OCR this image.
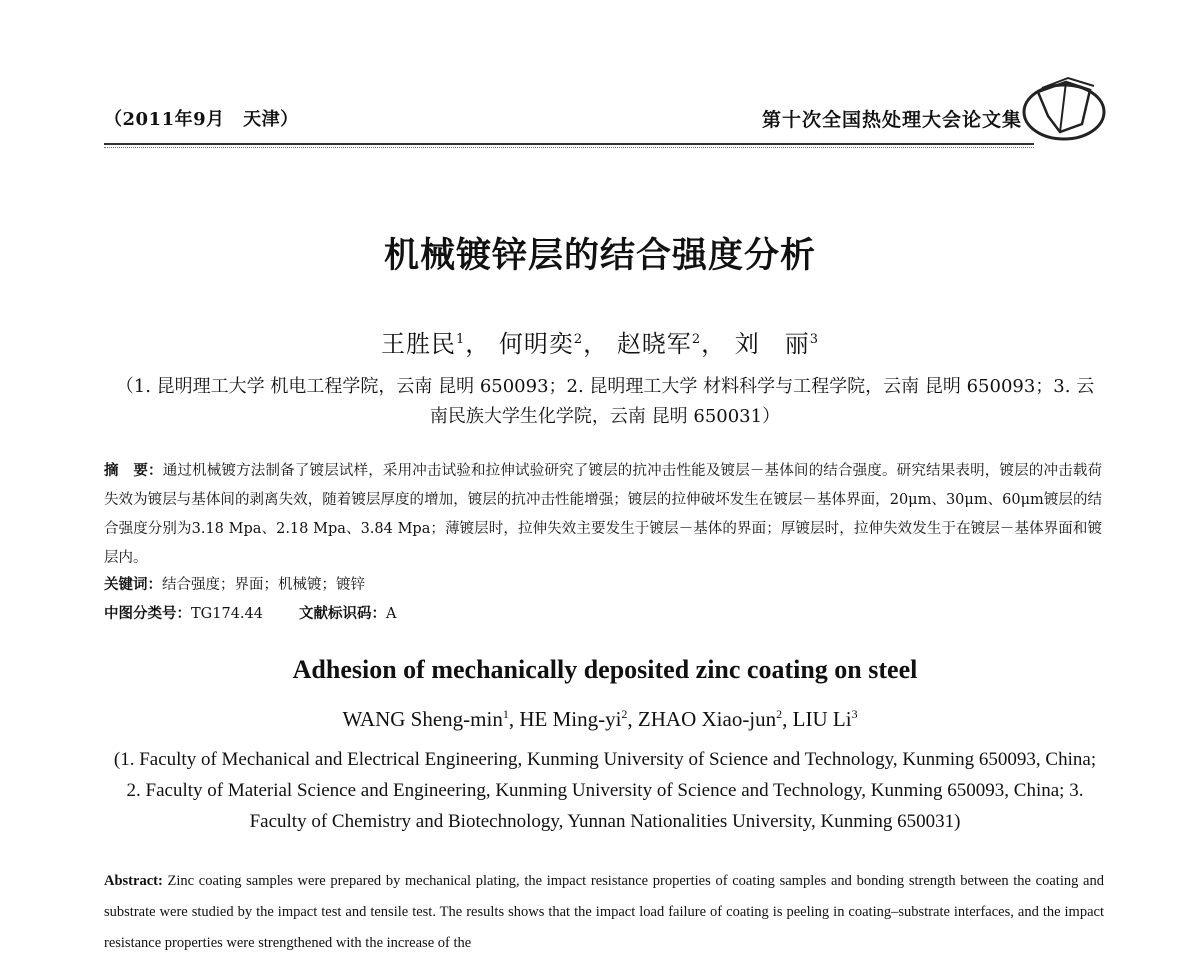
（2011年9月　天津）	第十次全国热处理大会论文集
机械镀锌层的结合强度分析
王胜民$^1$， 何明奕$^2$， 赵晓军$^2$， 刘　丽$^3$
（1. 昆明理工大学 机电工程学院，云南 昆明 650093；2. 昆明理工大学 材料科学与工程学院，云南 昆明 650093；3. 云南民族大学生化学院，云南 昆明 650031）
摘　要：通过机械镀方法制备了镀层试样，采用冲击试验和拉伸试验研究了镀层的抗冲击性能及镀层－基体间的结合强度。研究结果表明，镀层的冲击载荷失效为镀层与基体间的剥离失效，随着镀层厚度的增加，镀层的抗冲击性能增强；镀层的拉伸破坏发生在镀层－基体界面，20μm、30μm、60μm镀层的结合强度分别为3.18 Mpa、2.18 Mpa、3.84 Mpa；薄镀层时，拉伸失效主要发生于镀层－基体的界面；厚镀层时，拉伸失效发生于在镀层－基体界面和镀层内。
关键词：结合强度；界面；机械镀；镀锌
中图分类号：TG174.44 文献标识码：A
Adhesion of mechanically deposited zinc coating on steel
WANG Sheng-$\min^1$, HE Ming-$yi^2$, ZHAO Xiao-jun$^2$, LIU Li$^3$
(1. Faculty of Mechanical and Electrical Engineering, Kunming University of Science and Technology, Kunming 650093, China; 2. Faculty of Material Science and Engineering, Kunming University of Science and Technology, Kunming 650093, China; 3. Faculty of Chemistry and Biotechnology, Yunnan Nationalities University, Kunming 650031)
Abstract: Zinc coating samples were prepared by mechanical plating, the impact resistance properties of coating samples and bonding strength between the coating and substrate were studied by the impact test and tensile test. The results shows that the impact load failure of coating is peeling in coating–substrate interfaces, and the impact resistance properties were strengthened with the increase of the
